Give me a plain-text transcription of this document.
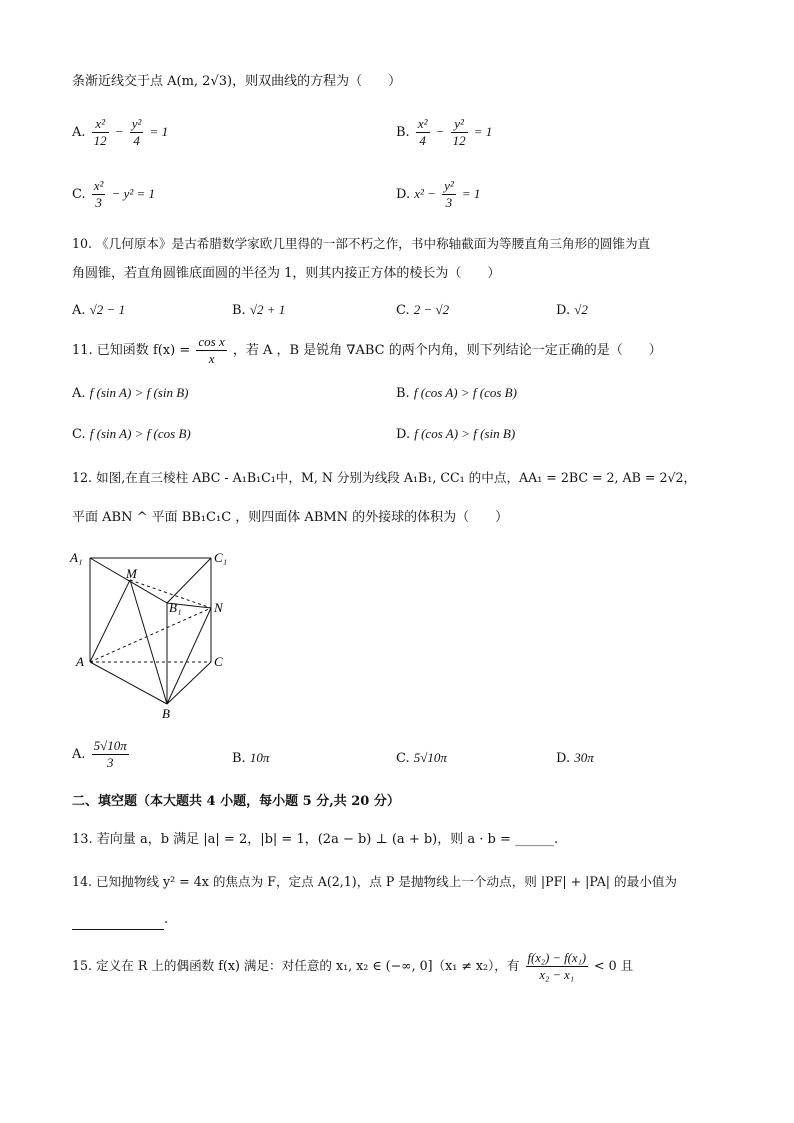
条渐近线交于点 A(m, 2√3)，则双曲线的方程为（　　）
A. $\frac{\text{x²}}{12} - \frac{\text{y²}}{4} = 1$	B. $\frac{\text{x²}}{4} - \frac{\text{y²}}{12} = 1$
C. $\frac{\text{x²}}{3} - y^2 = 1$	D. $x^2 - \frac{\text{y²}}{3} = 1$
10. 《几何原本》是古希腊数学家欧几里得的一部不朽之作，书中称轴截面为等腰直角三角形的圆锥为直
角圆锥，若直角圆锥底面圆的半径为 1，则其内接正方体的棱长为（　　）
A. √2 − 1	B. √2 + 1	C. 2 − √2	D. √2
11. 已知函数 $f(x) = \frac{\text{cos x}}{x}$ ，若 A ，B 是锐角 ∇ABC 的两个内角，则下列结论一定正确的是（　　）
A. f (sin A) > f (sin B)	B. f (cos A) > f (cos B)
C. f (sin A) > f (cos B)	D. f (cos A) > f (sin B)
12. 如图,在直三棱柱 ABC - A₁B₁C₁中，M, N 分别为线段 A₁B₁, CC₁ 的中点，AA₁ = 2BC = 2, AB = 2√2，
平面 ABN ^ 平面 BB₁C₁C ，则四面体 ABMN 的外接球的体积为（　　）
A₁	C₁
M
B₁	N
A	C
B
A. $\frac{5√10\pi}{3}$	B. 10π	C. 5√10π	D. 30π
二、填空题（本大题共 4 小题，每小题 5 分,共 20 分）
13. 若向量 a，b 满足 |a| = 2，|b| = 1，(2a − b) ⊥ (a + b)，则 a · b = ______.
14. 已知抛物线 y² = 4x 的焦点为 F，定点 A(2,1)，点 P 是抛物线上一个动点，则 |PF| + |PA| 的最小值为
.
15. 定义在 R 上的偶函数 f(x) 满足：对任意的 x₁, x₂ ∈ (−∞, 0]（x₁ ≠ x₂），有 $\frac{\text{f(x₂) − f(x₁)}}{\text{x₂ − x₁}} < 0$ 且
